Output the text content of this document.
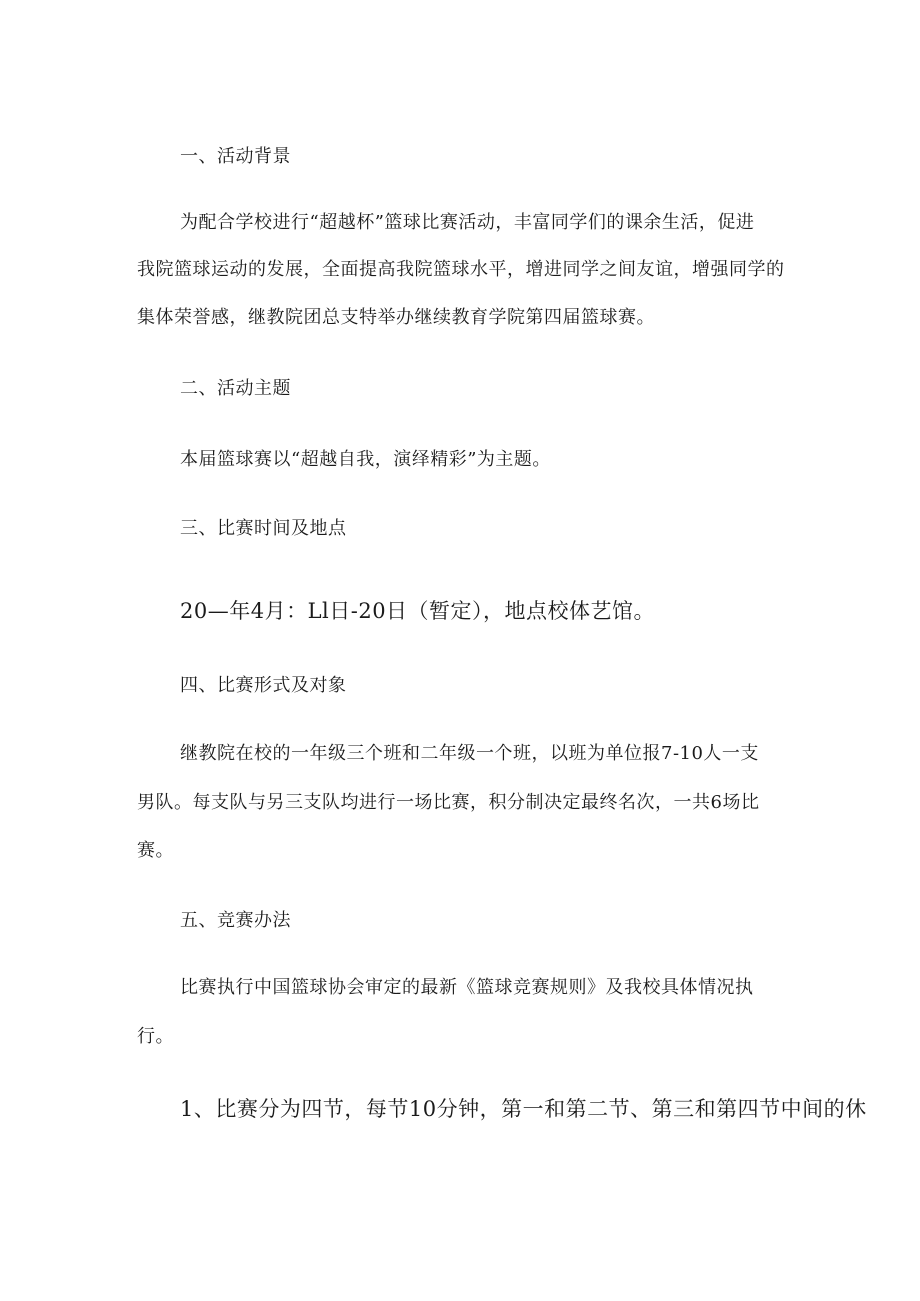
一、活动背景
为配合学校进行“超越杯”篮球比赛活动，丰富同学们的课余生活，促进
我院篮球运动的发展，全面提高我院篮球水平，增进同学之间友谊，增强同学的
集体荣誉感，继教院团总支特举办继续教育学院第四届篮球赛。
二、活动主题
本届篮球赛以“超越自我，演绎精彩”为主题。
三、比赛时间及地点
20—年4月：Ll日-20日（暂定），地点校体艺馆。
四、比赛形式及对象
继教院在校的一年级三个班和二年级一个班，以班为单位报7-10人一支
男队。每支队与另三支队均进行一场比赛，积分制决定最终名次，一共6场比
赛。
五、竞赛办法
比赛执行中国篮球协会审定的最新《篮球竞赛规则》及我校具体情况执
行。
1、比赛分为四节，每节10分钟，第一和第二节、第三和第四节中间的休
